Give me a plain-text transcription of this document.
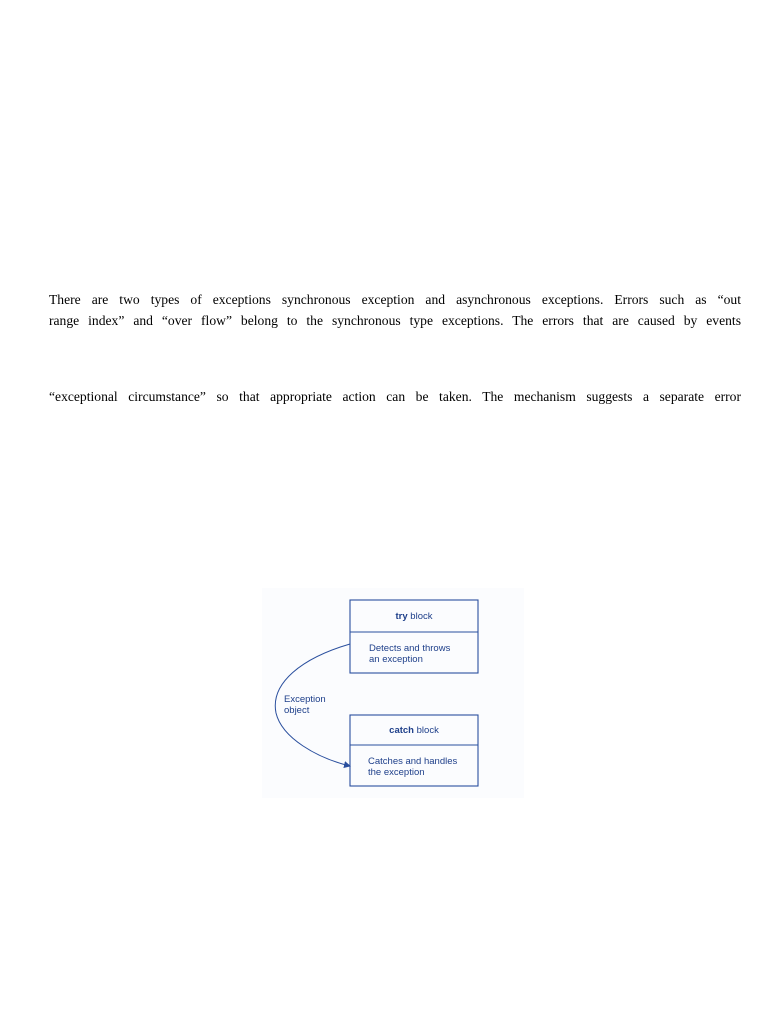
There are two types of exceptions synchronous exception and asynchronous exceptions. Errors such as “out
range index” and “over flow” belong to the synchronous type exceptions. The errors that are caused by events
“exceptional circumstance” so that appropriate action can be taken. The mechanism suggests a separate error
try block
Detects and throws
an exception
catch block
Catches and handles
the exception
Exception
object
